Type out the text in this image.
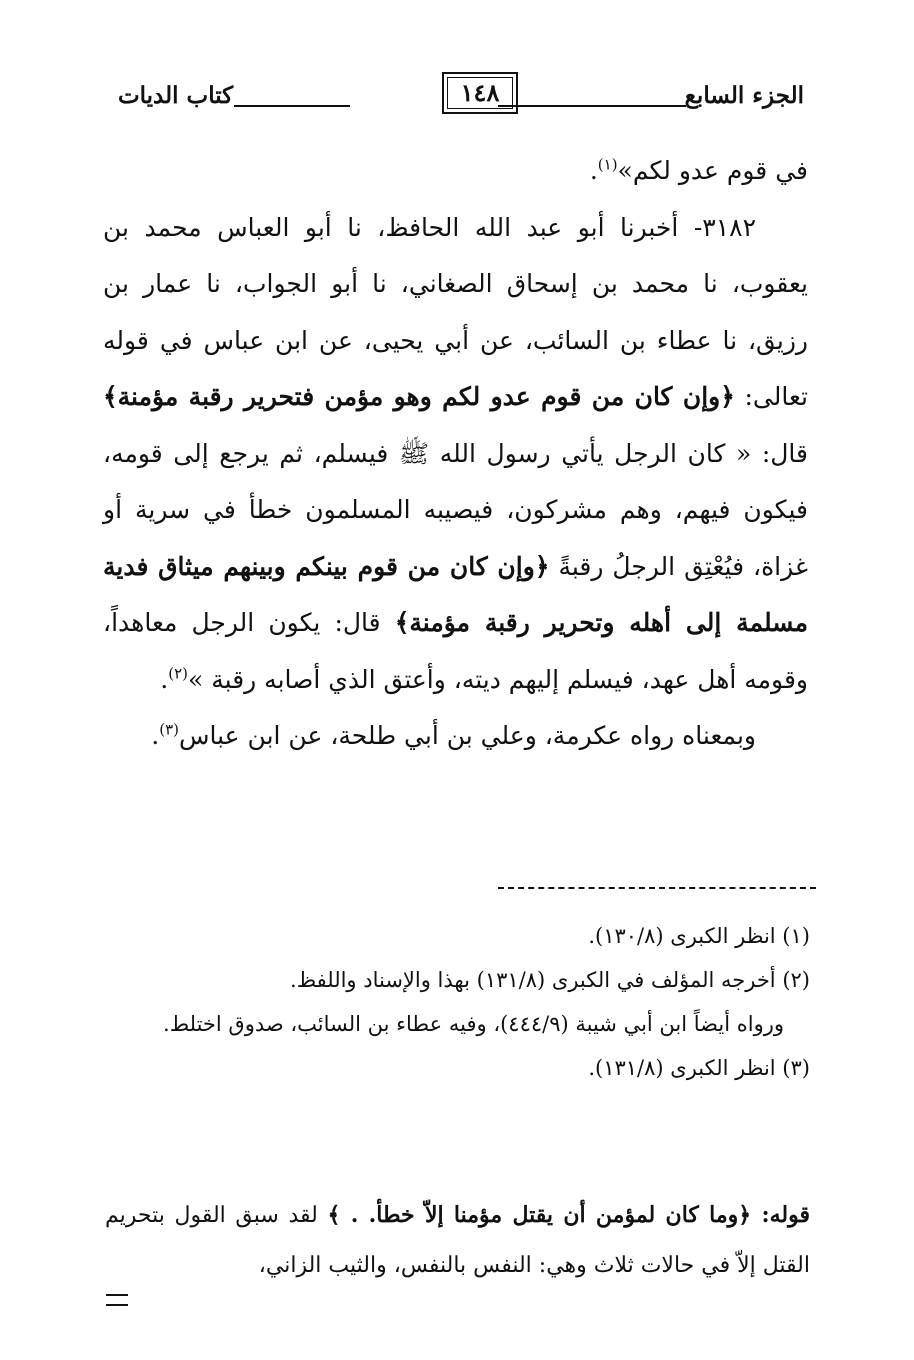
الجزء السابع
١٤٨
كتاب الديات

في قوم عدو لكم»$^{(١)}$.

٣١٨٢- أخبرنا أبو عبد الله الحافظ، نا أبو العباس محمد بن يعقوب، نا محمد بن إسحاق الصغاني، نا أبو الجواب، نا عمار بن رزيق، نا عطاء بن السائب، عن أبي يحيى، عن ابن عباس في قوله تعالى: ﴿وإن كان من قوم عدو لكم وهو مؤمن فتحرير رقبة مؤمنة﴾ قال: « كان الرجل يأتي رسول الله ﷺ فيسلم، ثم يرجع إلى قومه، فيكون فيهم، وهم مشركون، فيصيبه المسلمون خطأ في سرية أو غزاة، فيُعْتِق الرجلُ رقبةً ﴿وإن كان من قوم بينكم وبينهم ميثاق فدية مسلمة إلى أهله وتحرير رقبة مؤمنة﴾ قال: يكون الرجل معاهداً، وقومه أهل عهد، فيسلم إليهم ديته، وأعتق الذي أصابه رقبة »$^{(٢)}$.

وبمعناه رواه عكرمة، وعلي بن أبي طلحة، عن ابن عباس$^{(٣)}$.

(١) انظر الكبرى (١٣٠/٨).

(٢) أخرجه المؤلف في الكبرى (١٣١/٨) بهذا والإسناد واللفظ.

ورواه أيضاً ابن أبي شيبة (٤٤٤/٩)، وفيه عطاء بن السائب، صدوق اختلط.

(٣) انظر الكبرى (١٣١/٨).

قوله: ﴿وما كان لمؤمن أن يقتل مؤمنا إلاّ خطأ. . ﴾ لقد سبق القول بتحريم القتل إلاّ في حالات ثلاث وهي: النفس بالنفس، والثيب الزاني،
